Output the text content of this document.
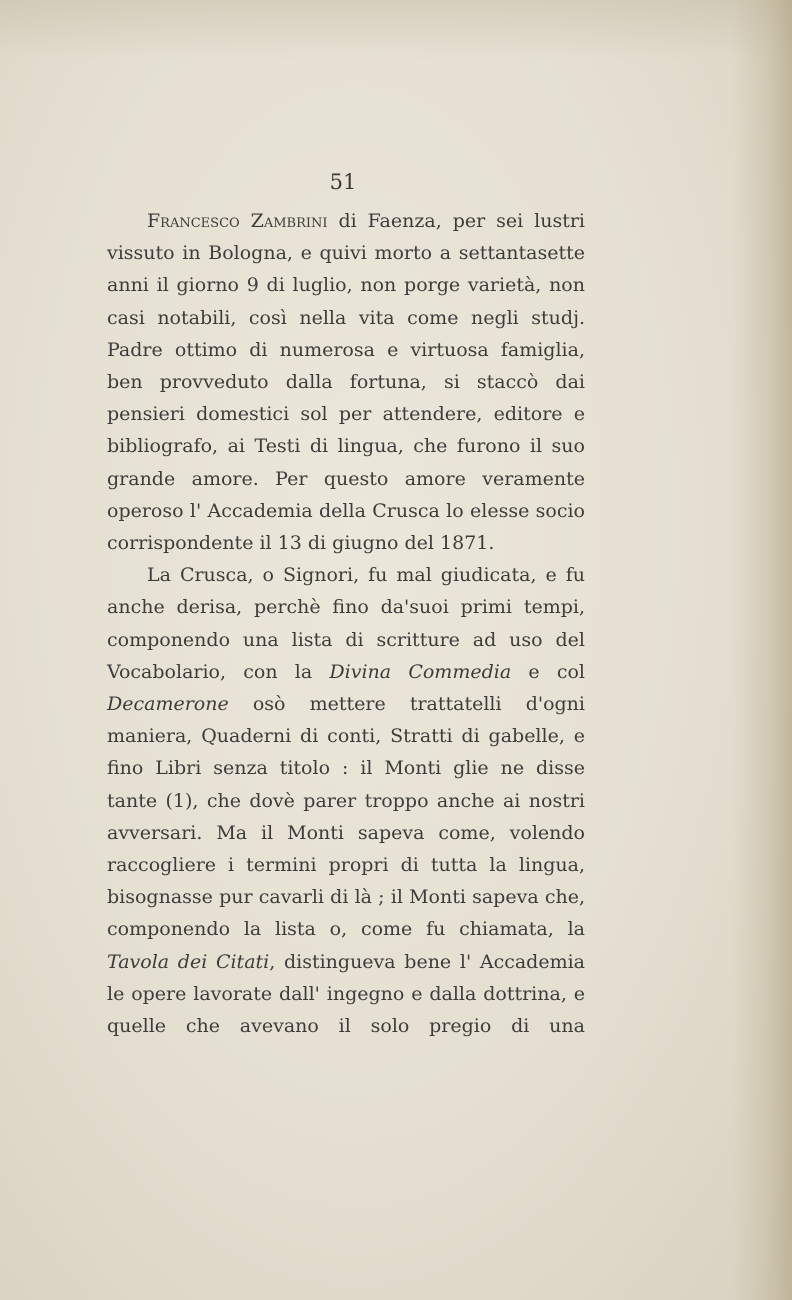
51

Francesco Zambrini di Faenza, per sei lustri vissuto in Bologna, e quivi morto a settantasette anni il giorno 9 di luglio, non porge varietà, non casi notabili, così nella vita come negli studj. Padre ottimo di numerosa e virtuosa famiglia, ben provveduto dalla fortuna, si staccò dai pensieri domestici sol per attendere, editore e bibliografo, ai Testi di lingua, che furono il suo grande amore. Per questo amore veramente operoso l' Accademia della Crusca lo elesse socio corrispondente il 13 di giugno del 1871.

La Crusca, o Signori, fu mal giudicata, e fu anche derisa, perchè fino da'suoi primi tempi, componendo una lista di scritture ad uso del Vocabolario, con la Divina Commedia e col Decamerone osò mettere trattatelli d'ogni maniera, Quaderni di conti, Stratti di gabelle, e fino Libri senza titolo : il Monti glie ne disse tante (1), che dovè parer troppo anche ai nostri avversari. Ma il Monti sapeva come, volendo raccogliere i termini propri di tutta la lingua, bisognasse pur cavarli di là ; il Monti sapeva che, componendo la lista o, come fu chiamata, la Tavola dei Citati, distingueva bene l' Accademia le opere lavorate dall' ingegno e dalla dottrina, e quelle che avevano il solo pregio di una
